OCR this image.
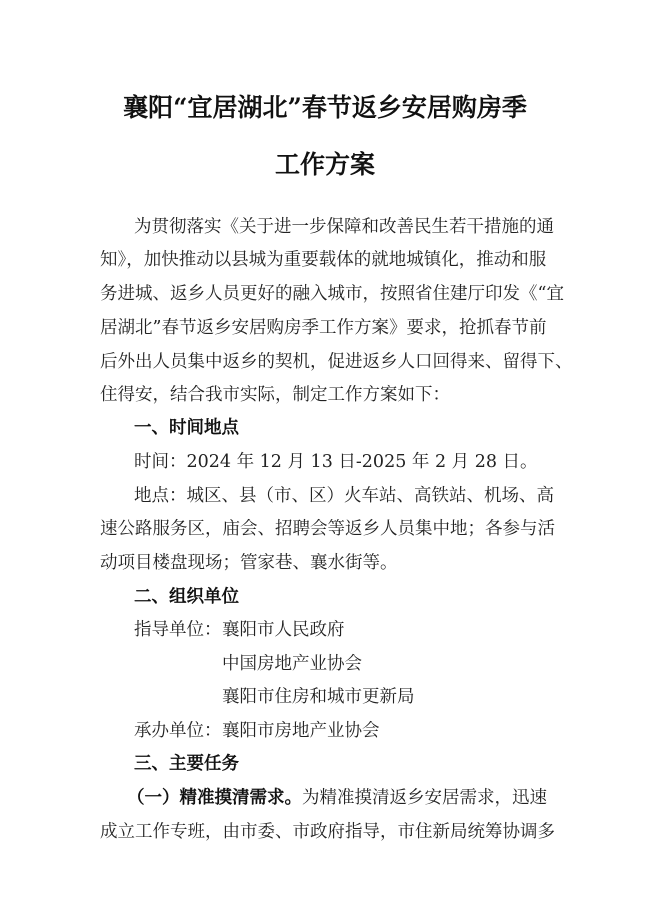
襄阳“宜居湖北”春节返乡安居购房季
工作方案
为贯彻落实《关于进一步保障和改善民生若干措施的通
知》，加快推动以县城为重要载体的就地城镇化，推动和服
务进城、返乡人员更好的融入城市，按照省住建厅印发《“宜
居湖北”春节返乡安居购房季工作方案》要求，抢抓春节前
后外出人员集中返乡的契机，促进返乡人口回得来、留得下、
住得安，结合我市实际，制定工作方案如下：
一、时间地点
时间：2024 年 12 月 13 日-2025 年 2 月 28 日。
地点：城区、县（市、区）火车站、高铁站、机场、高
速公路服务区，庙会、招聘会等返乡人员集中地；各参与活
动项目楼盘现场；管家巷、襄水街等。
二、组织单位
指导单位： 襄阳市人民政府
中国房地产业协会
襄阳市住房和城市更新局
承办单位： 襄阳市房地产业协会
三、主要任务
（一）精准摸清需求。为精准摸清返乡安居需求，迅速
成立工作专班，由市委、市政府指导，市住新局统筹协调多
